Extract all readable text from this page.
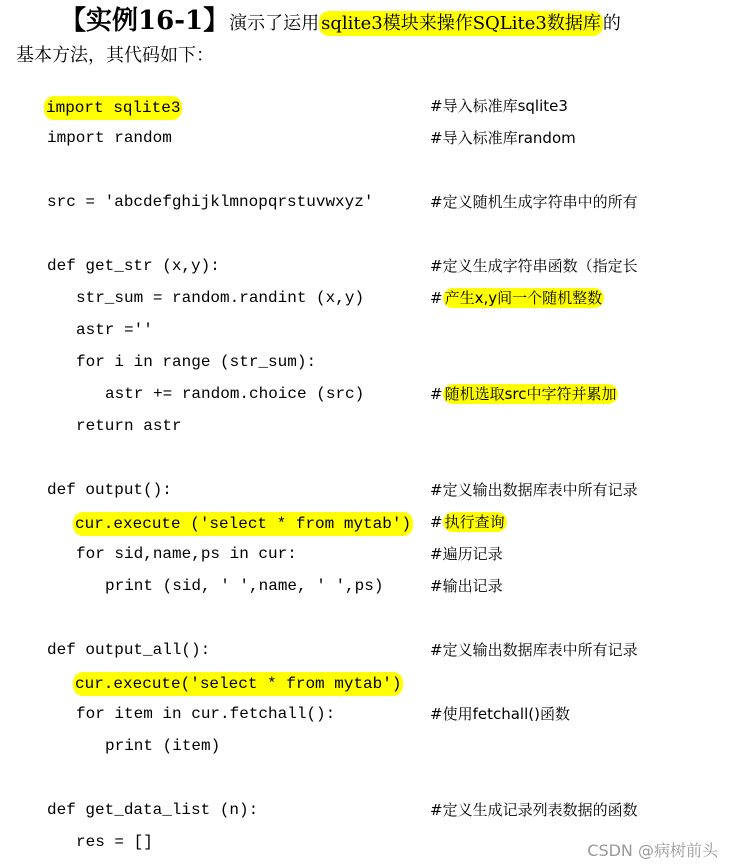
【实例16-1】演示了运用 sqlite3模块来操作SQLite3数据库 的
基本方法，其代码如下：
import sqlite3	#导入标准库sqlite3
import random	#导入标准库random
src = 'abcdefghijklmnopqrstuvwxyz'	#定义随机生成字符串中的所有
def get_str (x,y):	#定义生成字符串函数（指定长
str_sum = random.randint (x,y)	# 产生x,y间一个随机整数
astr =''
for i in range (str_sum):
astr += random.choice (src)	# 随机选取src中字符并累加
return astr
def output():	#定义输出数据库表中所有记录
cur.execute ('select * from mytab') # 执行查询
for sid,name,ps in cur:	#遍历记录
print (sid, ' ',name, ' ',ps)	#输出记录
def output_all():	#定义输出数据库表中所有记录
cur.execute('select * from mytab')
for item in cur.fetchall():	#使用fetchall()函数
print (item)
def get_data_list (n):	#定义生成记录列表数据的函数
res = []	CSDN @病树前头
